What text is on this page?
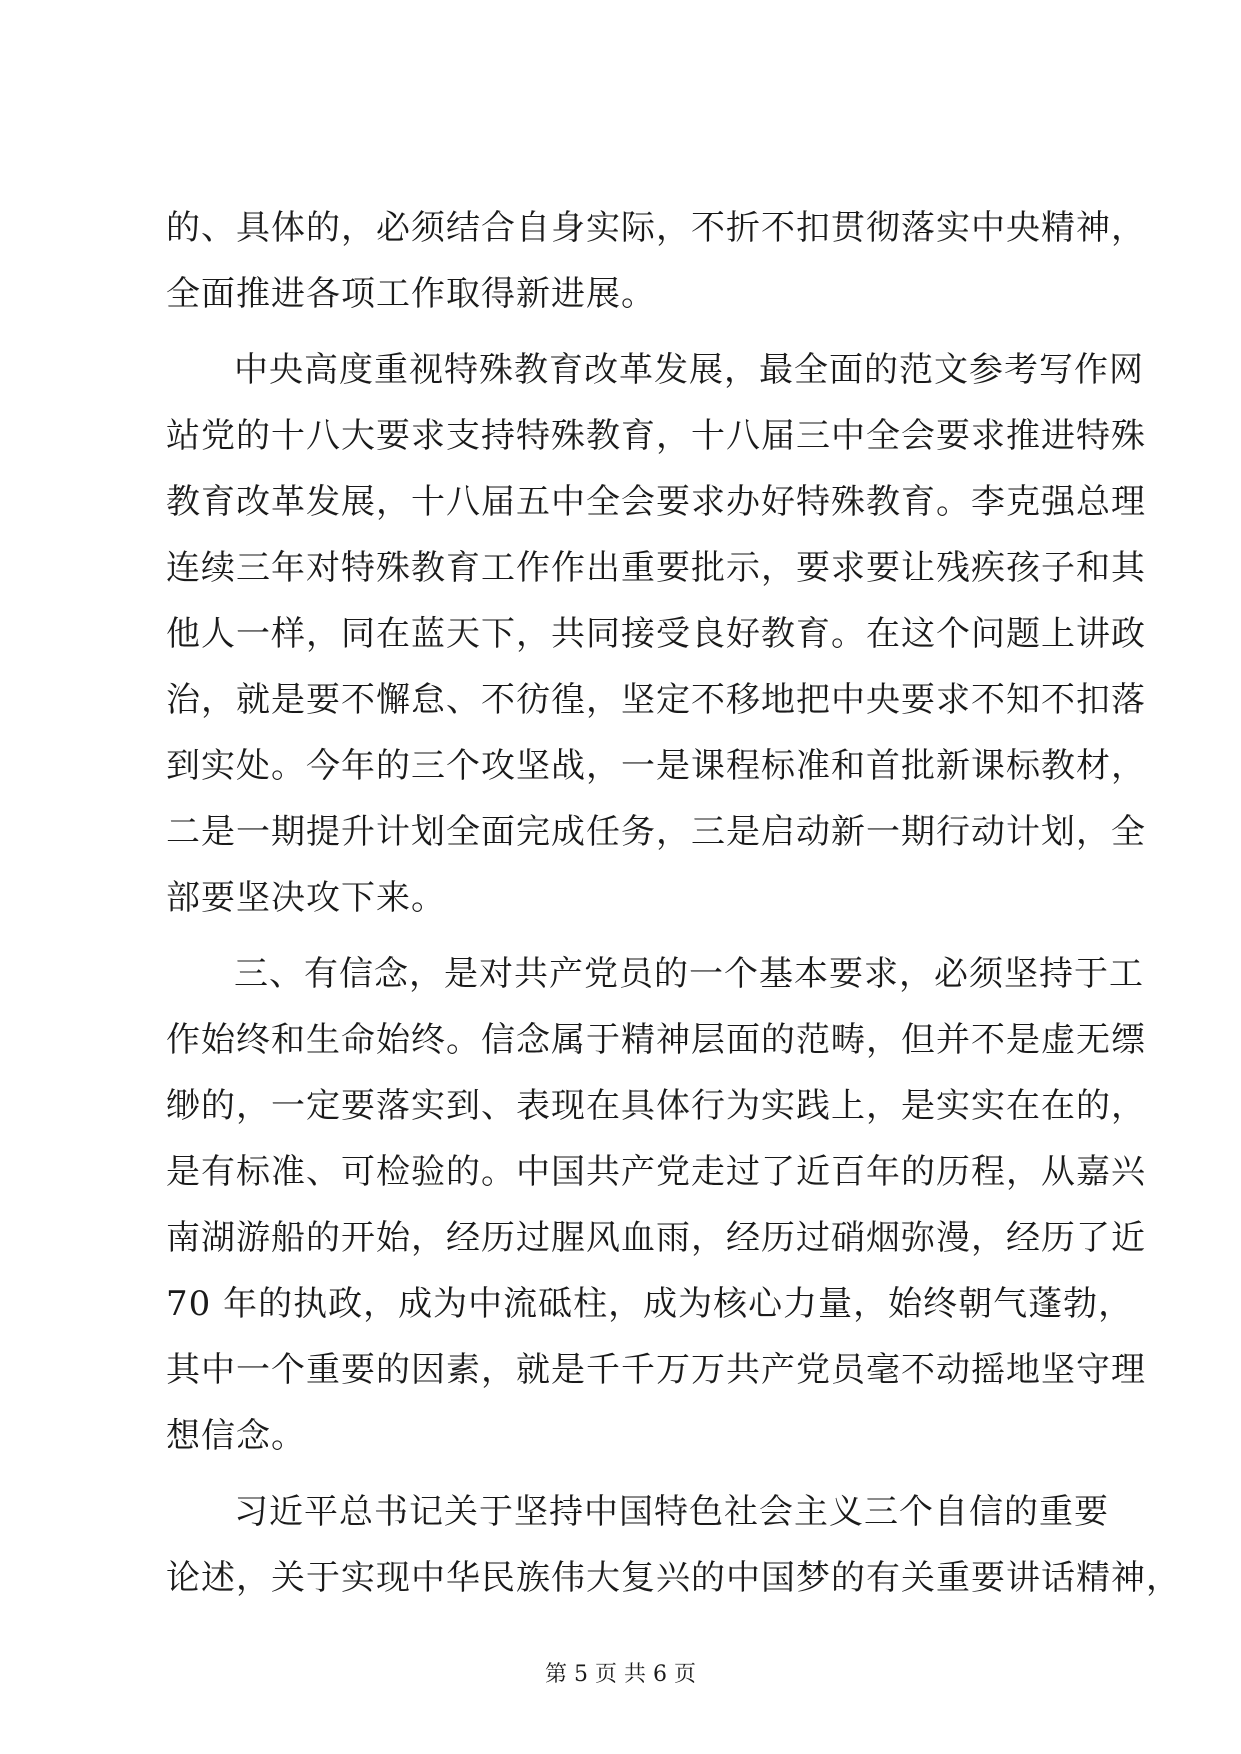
的、具体的，必须结合自身实际，不折不扣贯彻落实中央精神，
全面推进各项工作取得新进展。
中央高度重视特殊教育改革发展，最全面的范文参考写作网
站党的十八大要求支持特殊教育，十八届三中全会要求推进特殊
教育改革发展，十八届五中全会要求办好特殊教育。李克强总理
连续三年对特殊教育工作作出重要批示，要求要让残疾孩子和其
他人一样，同在蓝天下，共同接受良好教育。在这个问题上讲政
治，就是要不懈怠、不彷徨，坚定不移地把中央要求不知不扣落
到实处。今年的三个攻坚战，一是课程标准和首批新课标教材，
二是一期提升计划全面完成任务，三是启动新一期行动计划，全
部要坚决攻下来。
三、有信念，是对共产党员的一个基本要求，必须坚持于工
作始终和生命始终。信念属于精神层面的范畴，但并不是虚无缥
缈的，一定要落实到、表现在具体行为实践上，是实实在在的，
是有标准、可检验的。中国共产党走过了近百年的历程，从嘉兴
南湖游船的开始，经历过腥风血雨，经历过硝烟弥漫，经历了近
70 年的执政，成为中流砥柱，成为核心力量，始终朝气蓬勃，
其中一个重要的因素，就是千千万万共产党员毫不动摇地坚守理
想信念。
习近平总书记关于坚持中国特色社会主义三个自信的重要
论述，关于实现中华民族伟大复兴的中国梦的有关重要讲话精神，
第 5 页 共 6 页
